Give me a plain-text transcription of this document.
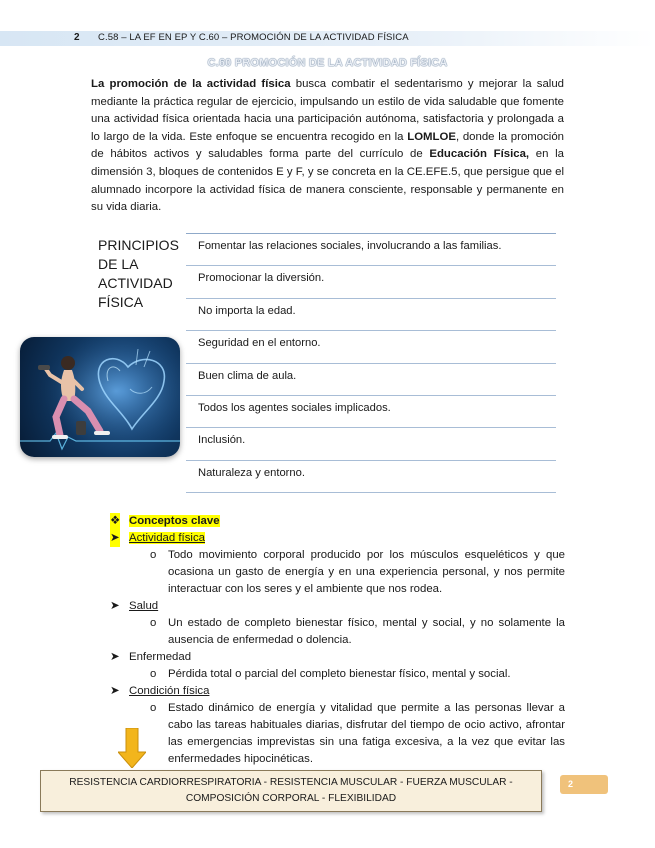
2 C.58 – LA EF EN EP Y C.60 – PROMOCIÓN DE LA ACTIVIDAD FÍSICA
C.60 PROMOCIÓN DE LA ACTIVIDAD FÍSICA

La promoción de la actividad física busca combatir el sedentarismo y mejorar la salud mediante la práctica regular de ejercicio, impulsando un estilo de vida saludable que fomente una actividad física orientada hacia una participación autónoma, satisfactoria y prolongada a lo largo de la vida. Este enfoque se encuentra recogido en la LOMLOE, donde la promoción de hábitos activos y saludables forma parte del currículo de Educación Física, en la dimensión 3, bloques de contenidos E y F, y se concreta en la CE.EFE.5, que persigue que el alumnado incorpore la actividad física de manera consciente, responsable y permanente en su vida diaria.

PRINCIPIOS DE LA ACTIVIDAD FÍSICA
Fomentar las relaciones sociales, involucrando a las familias.
Promocionar la diversión.
No importa la edad.
Seguridad en el entorno.
Buen clima de aula.
Todos los agentes sociales implicados.
Inclusión.
Naturaleza y entorno.
❖ Conceptos clave
➤ Actividad física

o Todo movimiento corporal producido por los músculos esqueléticos y que ocasiona un gasto de energía y en una experiencia personal, y nos permite interactuar con los seres y el ambiente que nos rodea.

➤ Salud

o Un estado de completo bienestar físico, mental y social, y no solamente la ausencia de enfermedad o dolencia.

➤ Enfermedad

o Pérdida total o parcial del completo bienestar físico, mental y social.

➤ Condición física

o Estado dinámico de energía y vitalidad que permite a las personas llevar a cabo las tareas habituales diarias, disfrutar del tiempo de ocio activo, afrontar las emergencias imprevistas sin una fatiga excesiva, a la vez que evitar las enfermedades hipocinéticas.

RESISTENCIA CARDIORRESPIRATORIA - RESISTENCIA MUSCULAR - FUERZA MUSCULAR -
COMPOSICIÓN CORPORAL - FLEXIBILIDAD
2
